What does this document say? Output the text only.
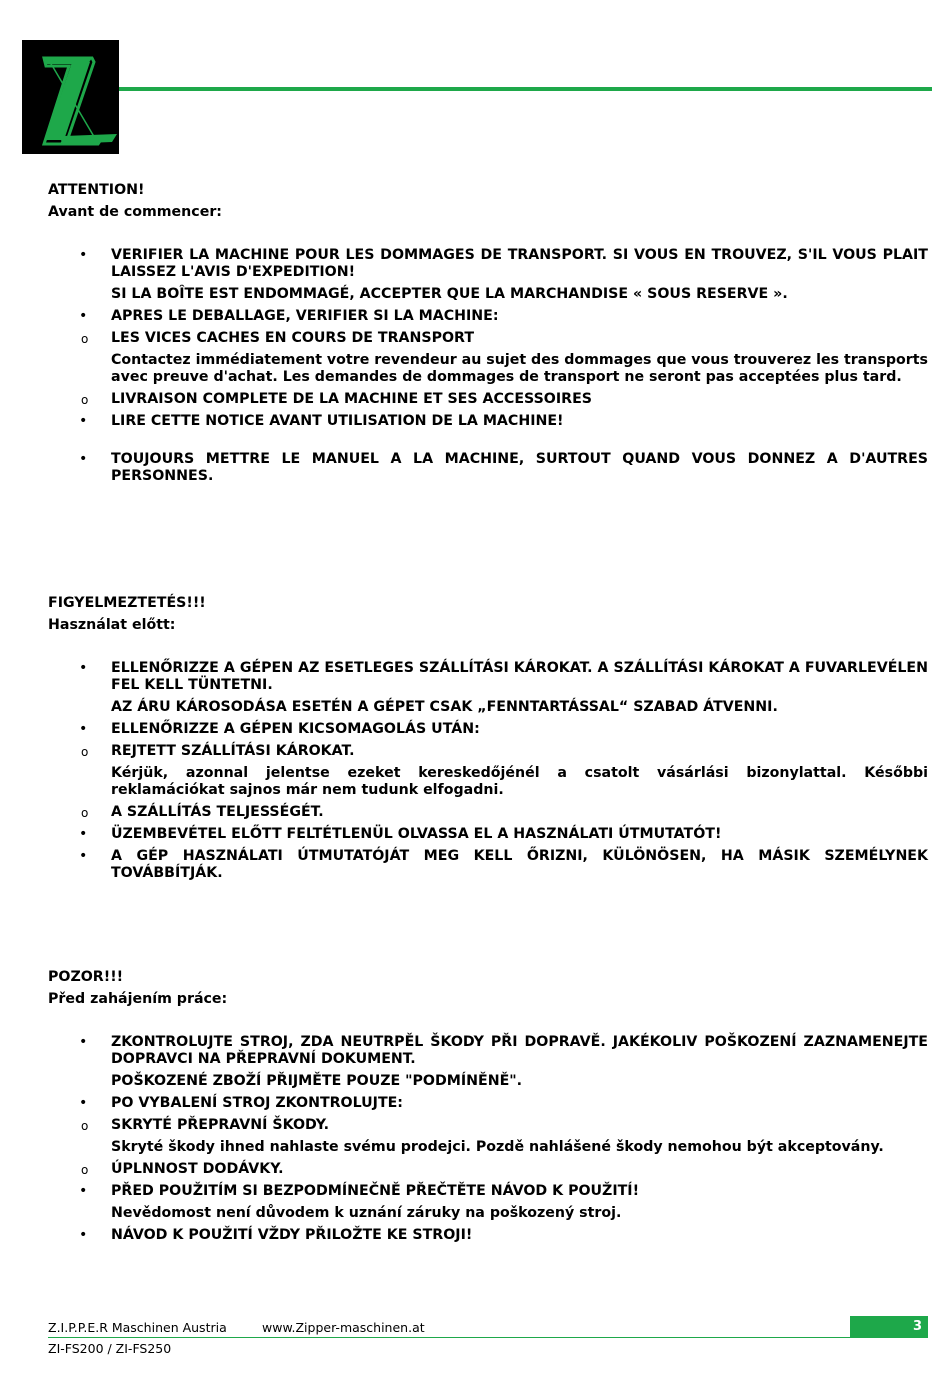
ATTENTION!

Avant de commencer:

• VERIFIER LA MACHINE POUR LES DOMMAGES DE TRANSPORT. SI VOUS EN TROUVEZ, S'IL VOUS PLAIT LAISSEZ L'AVIS D'EXPEDITION!
SI LA BOÎTE EST ENDOMMAGÉ, ACCEPTER QUE LA MARCHANDISE « SOUS RESERVE ».
• APRES LE DEBALLAGE, VERIFIER SI LA MACHINE:
o LES VICES CACHES EN COURS DE TRANSPORT
Contactez immédiatement votre revendeur au sujet des dommages que vous trouverez les transports avec preuve d'achat. Les demandes de dommages de transport ne seront pas acceptées plus tard.
o LIVRAISON COMPLETE DE LA MACHINE ET SES ACCESSOIRES
• LIRE CETTE NOTICE AVANT UTILISATION DE LA MACHINE!
• TOUJOURS METTRE LE MANUEL A LA MACHINE, SURTOUT QUAND VOUS DONNEZ A D'AUTRES PERSONNES.

FIGYELMEZTETÉS!!!

Használat előtt:

• ELLENŐRIZZE A GÉPEN AZ ESETLEGES SZÁLLÍTÁSI KÁROKAT. A SZÁLLÍTÁSI KÁROKAT A FUVARLEVÉLEN FEL KELL TÜNTETNI.
AZ ÁRU KÁROSODÁSA ESETÉN A GÉPET CSAK „FENNTARTÁSSAL“ SZABAD ÁTVENNI.
• ELLENŐRIZZE A GÉPEN KICSOMAGOLÁS UTÁN:
o REJTETT SZÁLLÍTÁSI KÁROKAT.
Kérjük, azonnal jelentse ezeket kereskedőjénél a csatolt vásárlási bizonylattal. Későbbi reklamációkat sajnos már nem tudunk elfogadni.
o A SZÁLLÍTÁS TELJESSÉGÉT.
• ÜZEMBEVÉTEL ELŐTT FELTÉTLENÜL OLVASSA EL A HASZNÁLATI ÚTMUTATÓT!
• A GÉP HASZNÁLATI ÚTMUTATÓJÁT MEG KELL ŐRIZNI, KÜLÖNÖSEN, HA MÁSIK SZEMÉLYNEK TOVÁBBÍTJÁK.

POZOR!!!

Před zahájením práce:

• ZKONTROLUJTE STROJ, ZDA NEUTRPĚL ŠKODY PŘI DOPRAVĚ. JAKÉKOLIV POŠKOZENÍ ZAZNAMENEJTE DOPRAVCI NA PŘEPRAVNÍ DOKUMENT.
POŠKOZENÉ ZBOŽÍ PŘIJMĚTE POUZE "PODMÍNĚNĚ".
• PO VYBALENÍ STROJ ZKONTROLUJTE:
o SKRYTÉ PŘEPRAVNÍ ŠKODY.
Skryté škody ihned nahlaste svému prodejci. Pozdě nahlášené škody nemohou být akceptovány.
o ÚPLNNOST DODÁVKY.
• PŘED POUŽITÍM SI BEZPODMÍNEČNĚ PŘEČTĚTE NÁVOD K POUŽITÍ!
Nevědomost není důvodem k uznání záruky na poškozený stroj.
• NÁVOD K POUŽITÍ VŽDY PŘILOŽTE KE STROJI!
Z.I.P.P.E.R Maschinen Austria	www.Zipper-maschinen.at	3
ZI-FS200 / ZI-FS250
